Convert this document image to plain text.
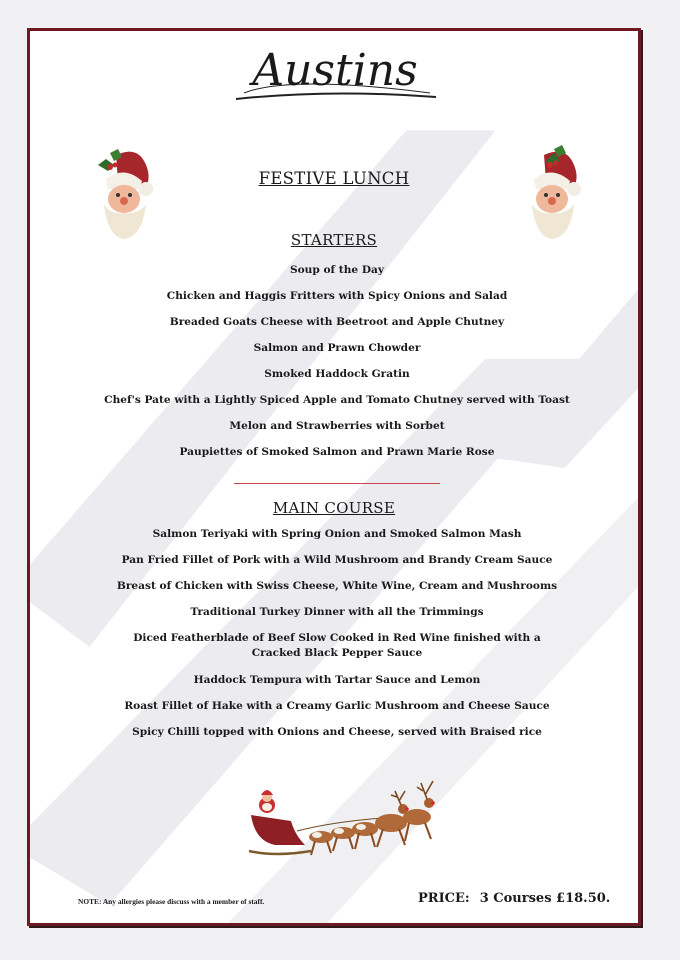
Austins
FESTIVE LUNCH
STARTERS
Soup of the Day
Chicken and Haggis Fritters with Spicy Onions and Salad
Breaded Goats Cheese with Beetroot and Apple Chutney
Salmon and Prawn Chowder
Smoked Haddock Gratin
Chef's Pate with a Lightly Spiced Apple and Tomato Chutney served with Toast
Melon and Strawberries with Sorbet
Paupiettes of Smoked Salmon and Prawn Marie Rose
MAIN COURSE
Salmon Teriyaki with Spring Onion and Smoked Salmon Mash
Pan Fried Fillet of Pork with a Wild Mushroom and Brandy Cream Sauce
Breast of Chicken with Swiss Cheese, White Wine, Cream and Mushrooms
Traditional Turkey Dinner with all the Trimmings
Diced Featherblade of Beef Slow Cooked in Red Wine finished with a Cracked Black Pepper Sauce
Haddock Tempura with Tartar Sauce and Lemon
Roast Fillet of Hake with a Creamy Garlic Mushroom and Cheese Sauce
Spicy Chilli topped with Onions and Cheese, served with Braised rice
NOTE: Any allergies please discuss with a member of staff.	PRICE: 3 Courses £18.50.
